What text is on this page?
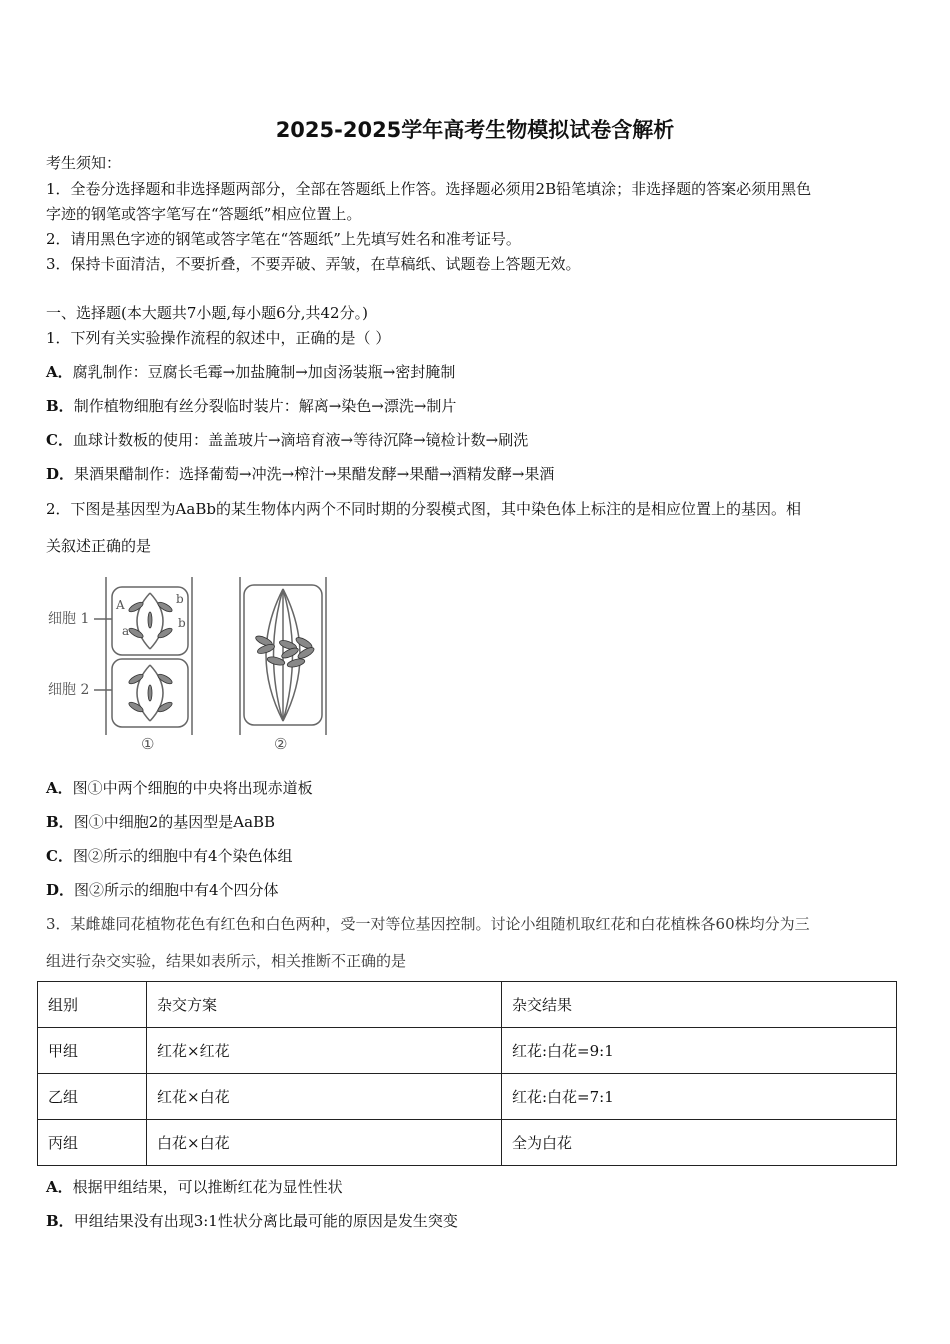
2025-2025学年高考生物模拟试卷含解析
考生须知：
1．全卷分选择题和非选择题两部分，全部在答题纸上作答。选择题必须用2B铅笔填涂；非选择题的答案必须用黑色
字迹的钢笔或答字笔写在“答题纸”相应位置上。
2．请用黑色字迹的钢笔或答字笔在“答题纸”上先填写姓名和准考证号。
3．保持卡面清洁，不要折叠，不要弄破、弄皱，在草稿纸、试题卷上答题无效。
一、选择题(本大题共7小题,每小题6分,共42分。)
1．下列有关实验操作流程的叙述中，正确的是（ ）
A．腐乳制作：豆腐长毛霉→加盐腌制→加卤汤装瓶→密封腌制
B．制作植物细胞有丝分裂临时装片：解离→染色→漂洗→制片
C．血球计数板的使用：盖盖玻片→滴培育液→等待沉降→镜检计数→刷洗
D．果酒果醋制作：选择葡萄→冲洗→榨汁→果醋发酵→果醋→酒精发酵→果酒
2．下图是基因型为AaBb的某生物体内两个不同时期的分裂模式图，其中染色体上标注的是相应位置上的基因。相
关叙述正确的是
细胞 1
细胞 2
A
a
b
b
①	②
A．图①中两个细胞的中央将出现赤道板
B．图①中细胞2的基因型是AaBB
C．图②所示的细胞中有4个染色体组
D．图②所示的细胞中有4个四分体
3．某雌雄同花植物花色有红色和白色两种，受一对等位基因控制。讨论小组随机取红花和白花植株各60株均分为三
组进行杂交实验，结果如表所示，相关推断不正确的是
组别	杂交方案	杂交结果
甲组	红花×红花	红花:白花=9:1
乙组	红花×白花	红花:白花=7:1
丙组	白花×白花	全为白花
A．根据甲组结果，可以推断红花为显性性状
B．甲组结果没有出现3:1性状分离比最可能的原因是发生突变
